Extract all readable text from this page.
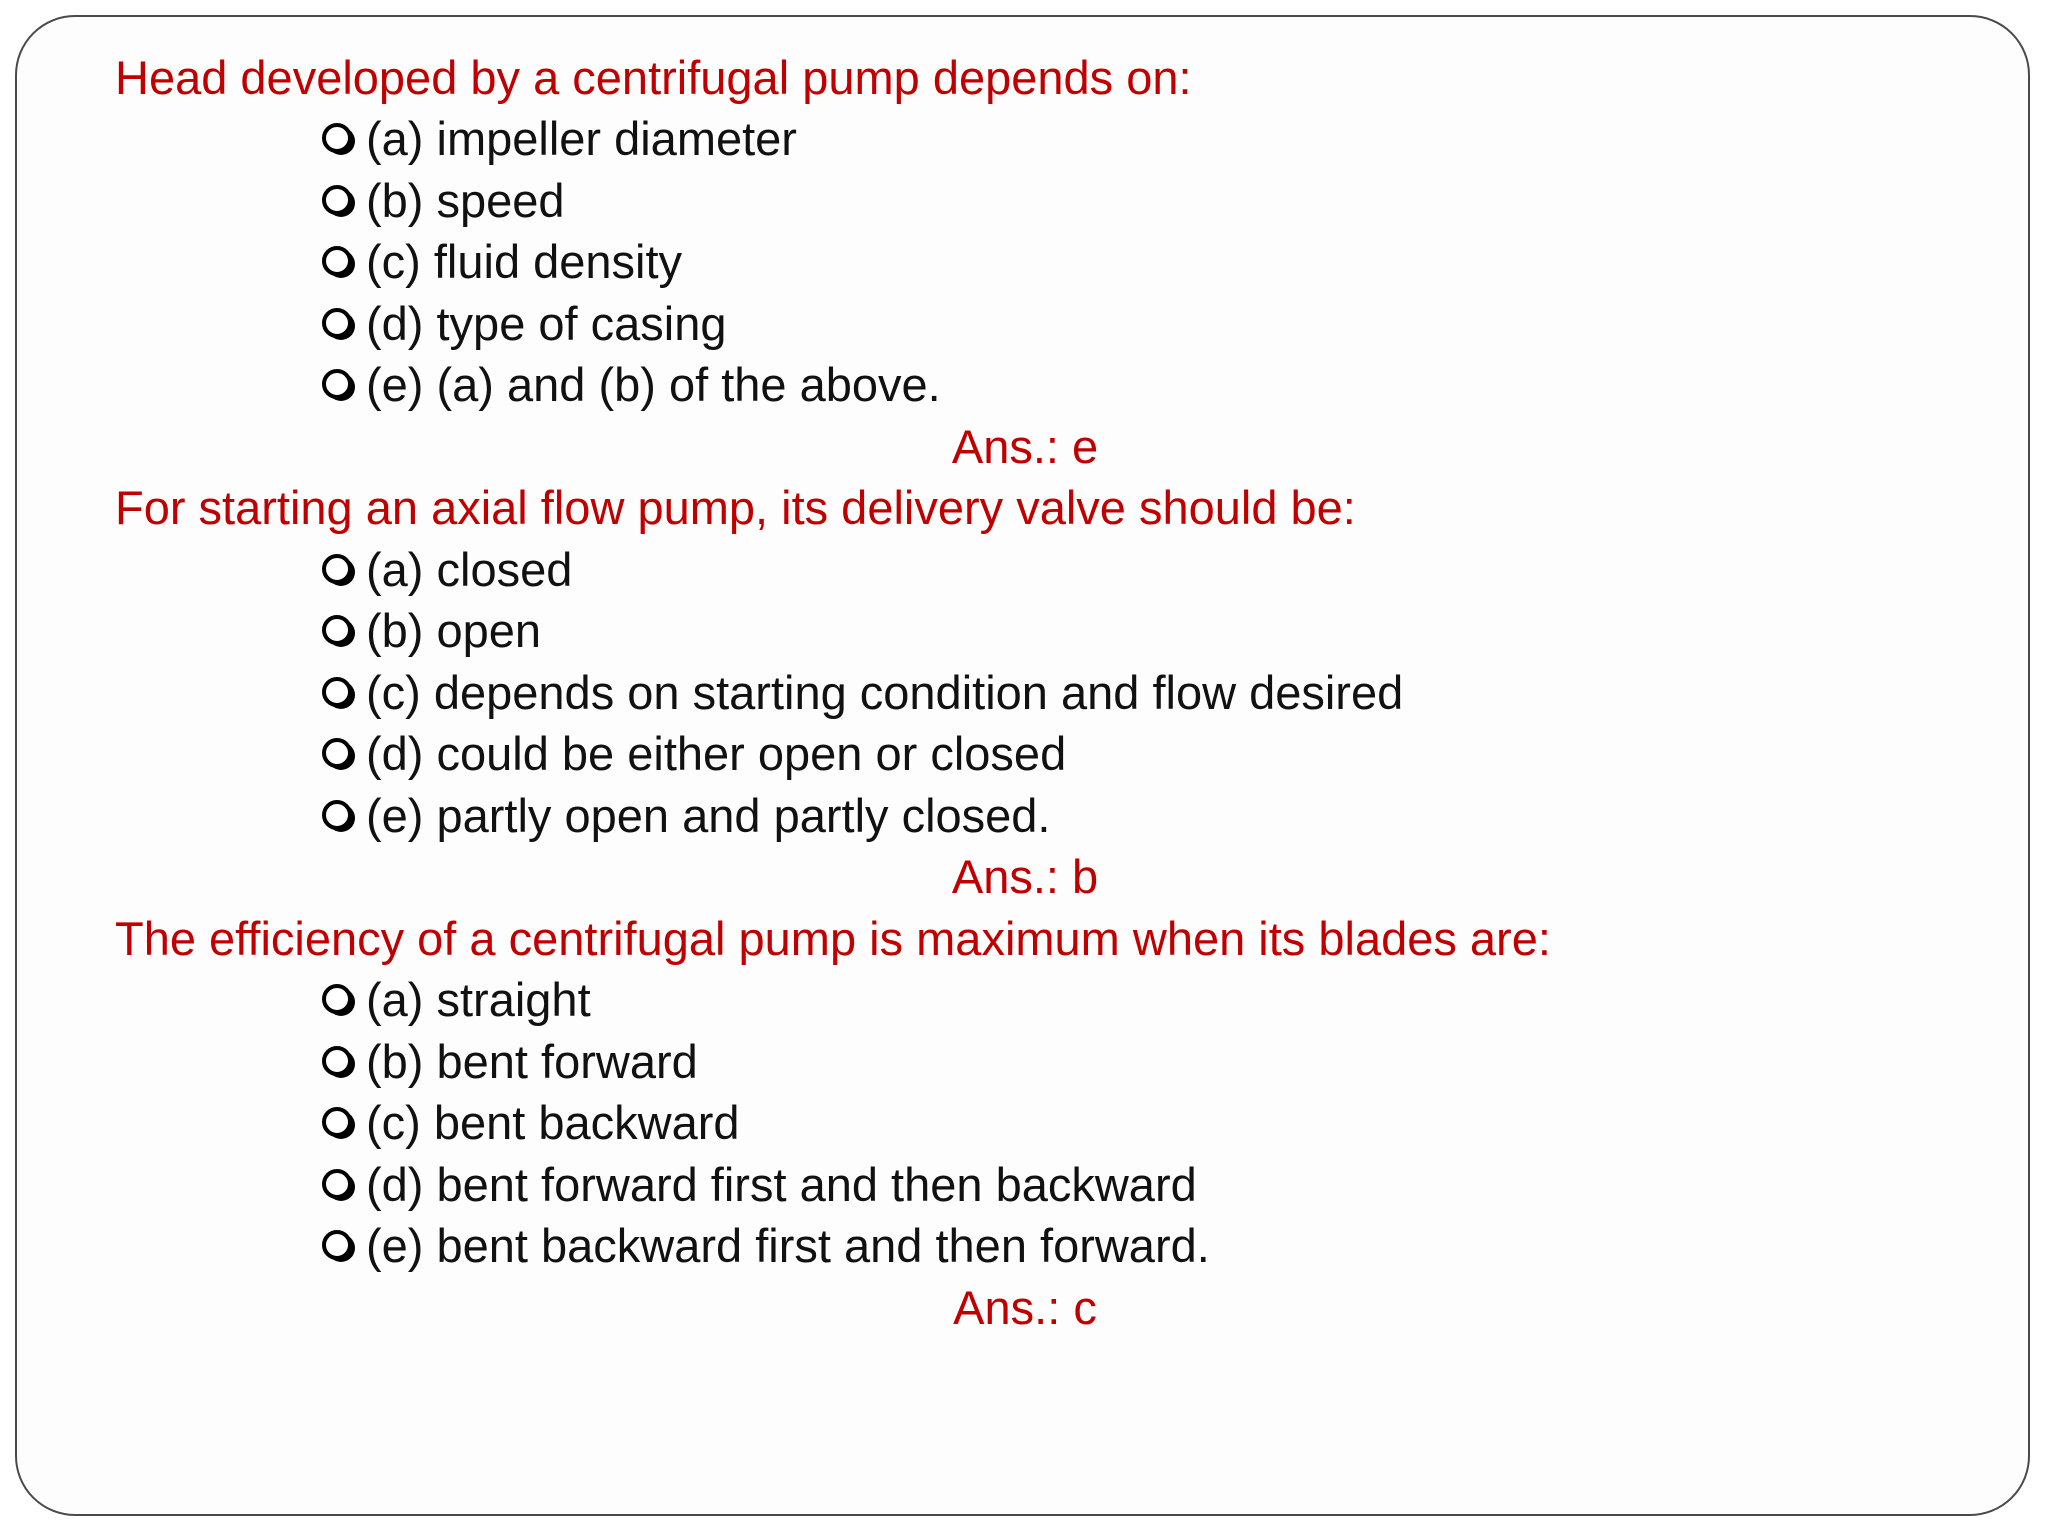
Head developed by a centrifugal pump depends on:
(a) impeller diameter
(b) speed
(c) fluid density
(d) type of casing
(e) (a) and (b) of the above.
Ans.: e
For starting an axial flow pump, its delivery valve should be:
(a) closed
(b) open
(c) depends on starting condition and flow desired
(d) could be either open or closed
(e) partly open and partly closed.
Ans.: b
The efficiency of a centrifugal pump is maximum when its blades are:
(a) straight
(b) bent forward
(c) bent backward
(d) bent forward first and then backward
(e) bent backward first and then forward.
Ans.: c
